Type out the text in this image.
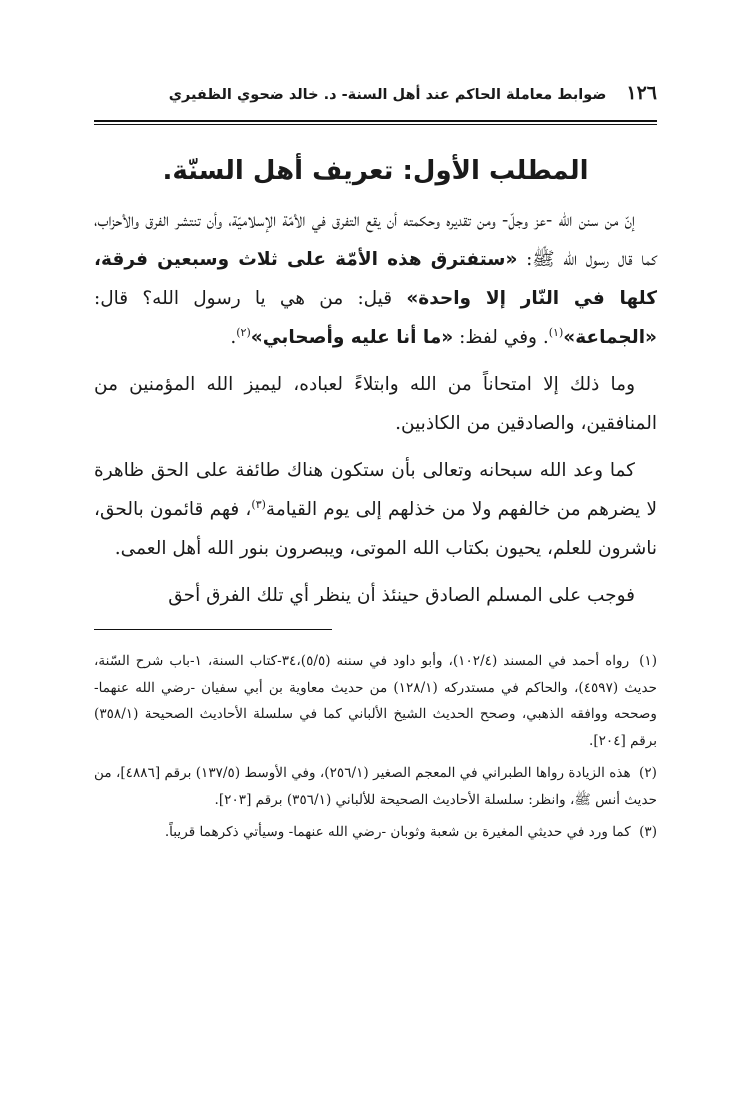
١٢٦
ضوابط معاملة الحاكم عند أهل السنة- د. خالد ضحوي الظفيري
المطلب الأول: تعريف أهل السنّة.

إنّ من سنن الله -عز وجلّ- ومن تقديره وحكمته أن يقع التفرق في الأمّة الإسلاميّة، وأن تنتشر الفرق والأحزاب، كما قال رسول الله ﷺ: «ستفترق هذه الأمّة على ثلاث وسبعين فرقة، كلها في النّار إلا واحدة» قيل: من هي يا رسول الله؟ قال: «الجماعة»$^{(١)}$. وفي لفظ: «ما أنا عليه وأصحابي»$^{(٢)}$.

وما ذلك إلا امتحاناً من الله وابتلاءً لعباده، ليميز الله المؤمنين من المنافقين، والصادقين من الكاذبين.

كما وعد الله سبحانه وتعالى بأن ستكون هناك طائفة على الحق ظاهرة لا يضرهم من خالفهم ولا من خذلهم إلى يوم القيامة$^{(٣)}$، فهم قائمون بالحق، ناشرون للعلم، يحيون بكتاب الله الموتى، ويبصرون بنور الله أهل العمى.

فوجب على المسلم الصادق حينئذ أن ينظر أي تلك الفرق أحق

(١) رواه أحمد في المسند (١٠٢/٤)، وأبو داود في سننه (٥/٥)،٣٤-كتاب السنة، ١-باب شرح السّنة، حديث (٤٥٩٧)، والحاكم في مستدركه (١٢٨/١) من حديث معاوية بن أبي سفيان -رضي الله عنهما- وصححه ووافقه الذهبي، وصحح الحديث الشيخ الألباني كما في سلسلة الأحاديث الصحيحة (٣٥٨/١) برقم [٢٠٤].

(٢) هذه الزيادة رواها الطبراني في المعجم الصغير (٢٥٦/١)، وفي الأوسط (١٣٧/٥) برقم [٤٨٨٦]، من حديث أنس ﷺ، وانظر: سلسلة الأحاديث الصحيحة للألباني (٣٥٦/١) برقم [٢٠٣].

(٣) كما ورد في حديثي المغيرة بن شعبة وثوبان -رضي الله عنهما- وسيأتي ذكرهما قريباً.
